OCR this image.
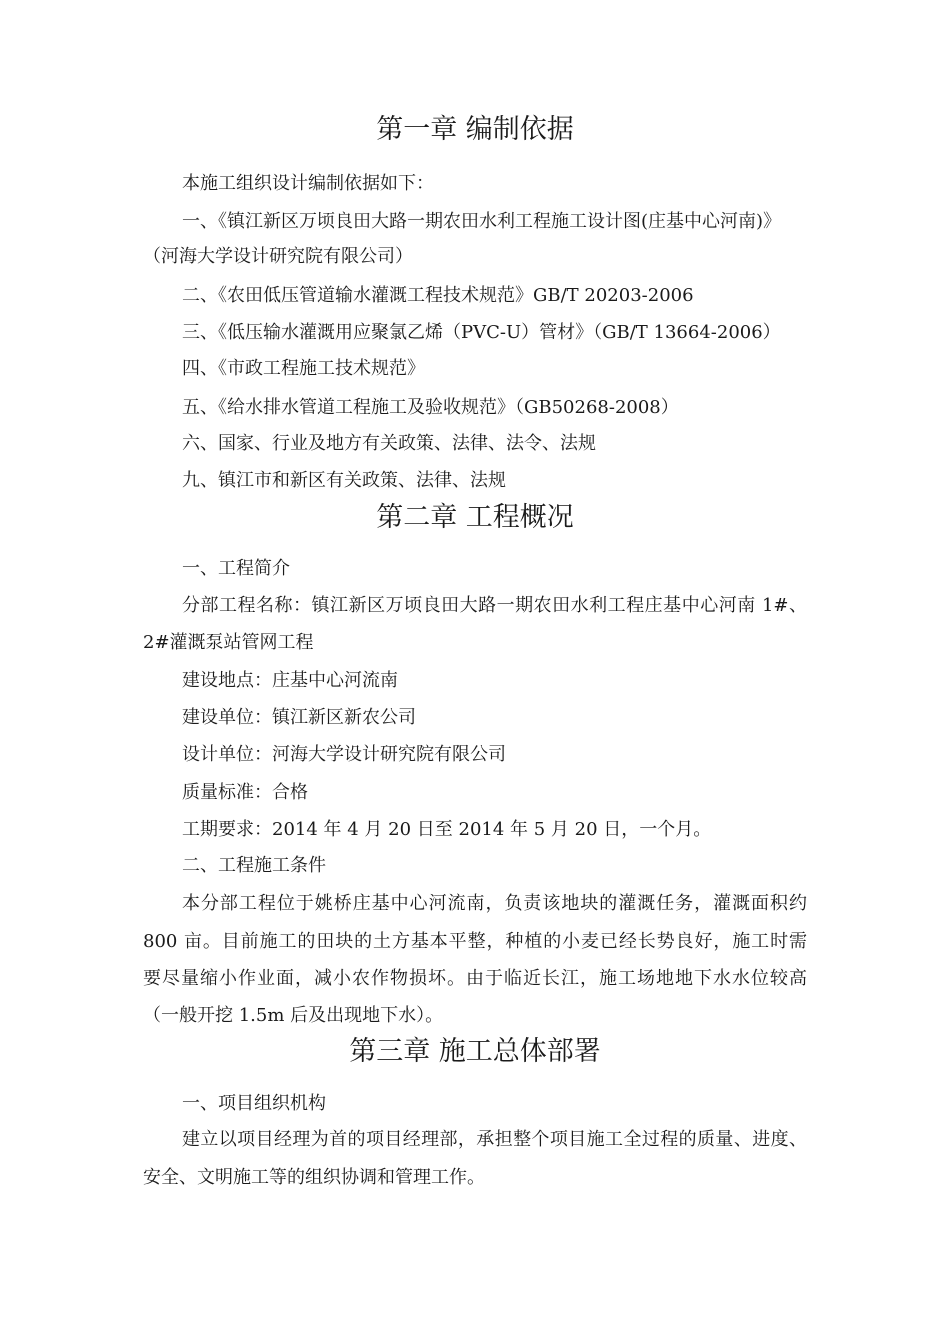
第一章 编制依据
本施工组织设计编制依据如下：
一、《镇江新区万顷良田大路一期农田水利工程施工设计图(庄基中心河南)》
（河海大学设计研究院有限公司）
二、《农田低压管道输水灌溉工程技术规范》GB/T 20203-2006
三、《低压输水灌溉用应聚氯乙烯（PVC-U）管材》（GB/T 13664-2006）
四、《市政工程施工技术规范》
五、《给水排水管道工程施工及验收规范》（GB50268-2008）
六、国家、行业及地方有关政策、法律、法令、法规
九、镇江市和新区有关政策、法律、法规
第二章 工程概况
一、工程简介
分部工程名称：镇江新区万顷良田大路一期农田水利工程庄基中心河南 1#、
2#灌溉泵站管网工程
建设地点：庄基中心河流南
建设单位：镇江新区新农公司
设计单位：河海大学设计研究院有限公司
质量标准：合格
工期要求：2014 年 4 月 20 日至 2014 年 5 月 20 日，一个月。
二、工程施工条件
本分部工程位于姚桥庄基中心河流南，负责该地块的灌溉任务，灌溉面积约
800 亩。目前施工的田块的土方基本平整，种植的小麦已经长势良好，施工时需
要尽量缩小作业面，减小农作物损坏。由于临近长江，施工场地地下水水位较高
（一般开挖 1.5m 后及出现地下水）。
第三章 施工总体部署
一、项目组织机构
建立以项目经理为首的项目经理部，承担整个项目施工全过程的质量、进度、
安全、文明施工等的组织协调和管理工作。
